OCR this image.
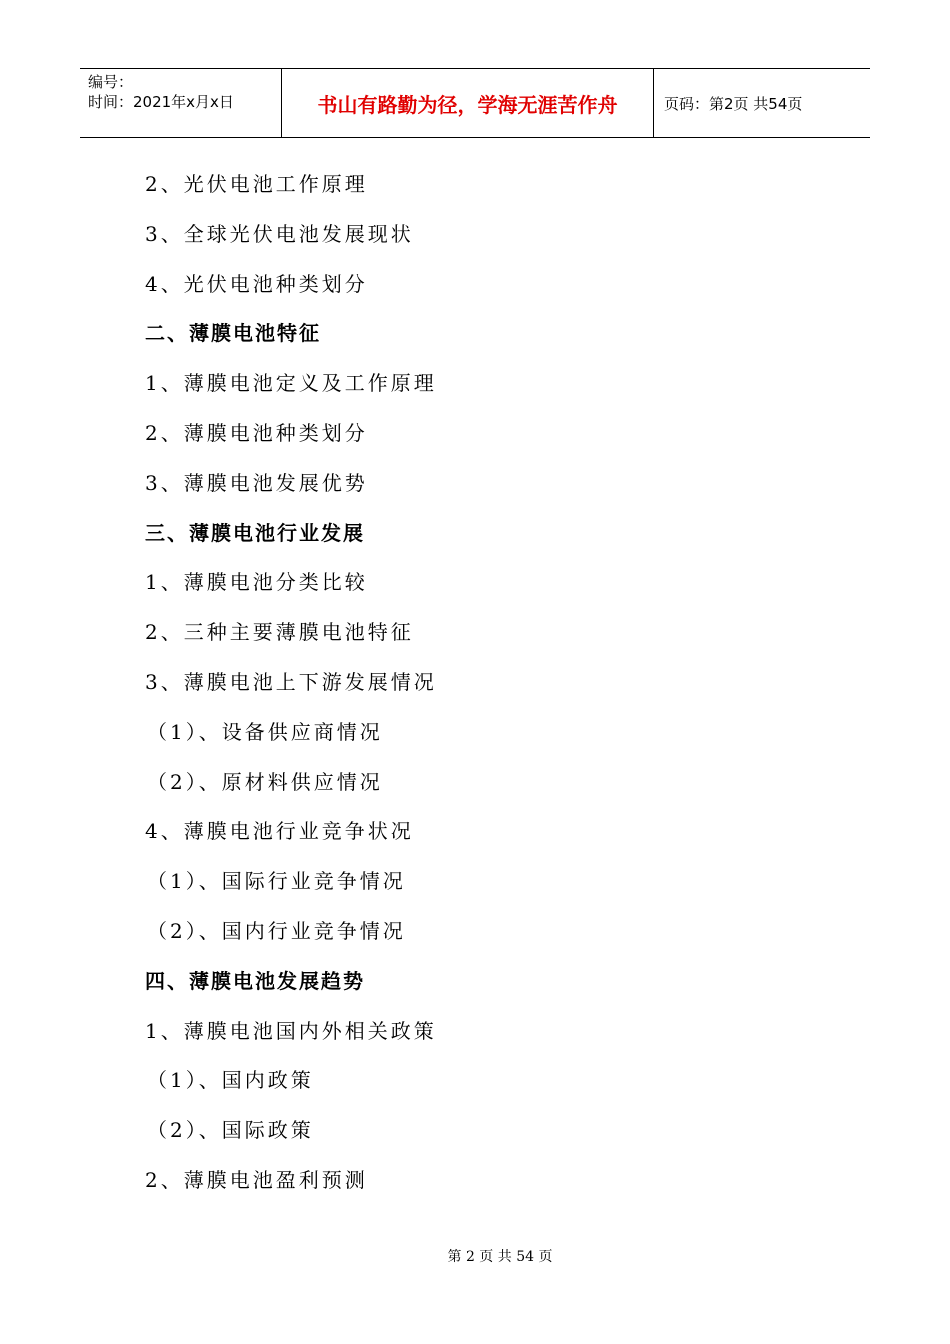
编号：
时间：2021年x月x日	书山有路勤为径，学海无涯苦作舟	页码：第2页 共54页
2、光伏电池工作原理
3、全球光伏电池发展现状
4、光伏电池种类划分
二、薄膜电池特征
1、薄膜电池定义及工作原理
2、薄膜电池种类划分
3、薄膜电池发展优势
三、薄膜电池行业发展
1、薄膜电池分类比较
2、三种主要薄膜电池特征
3、薄膜电池上下游发展情况
（1）、设备供应商情况
（2）、原材料供应情况
4、薄膜电池行业竞争状况
（1）、国际行业竞争情况
（2）、国内行业竞争情况
四、薄膜电池发展趋势
1、薄膜电池国内外相关政策
（1）、国内政策
（2）、国际政策
2、薄膜电池盈利预测
第 2 页 共 54 页
